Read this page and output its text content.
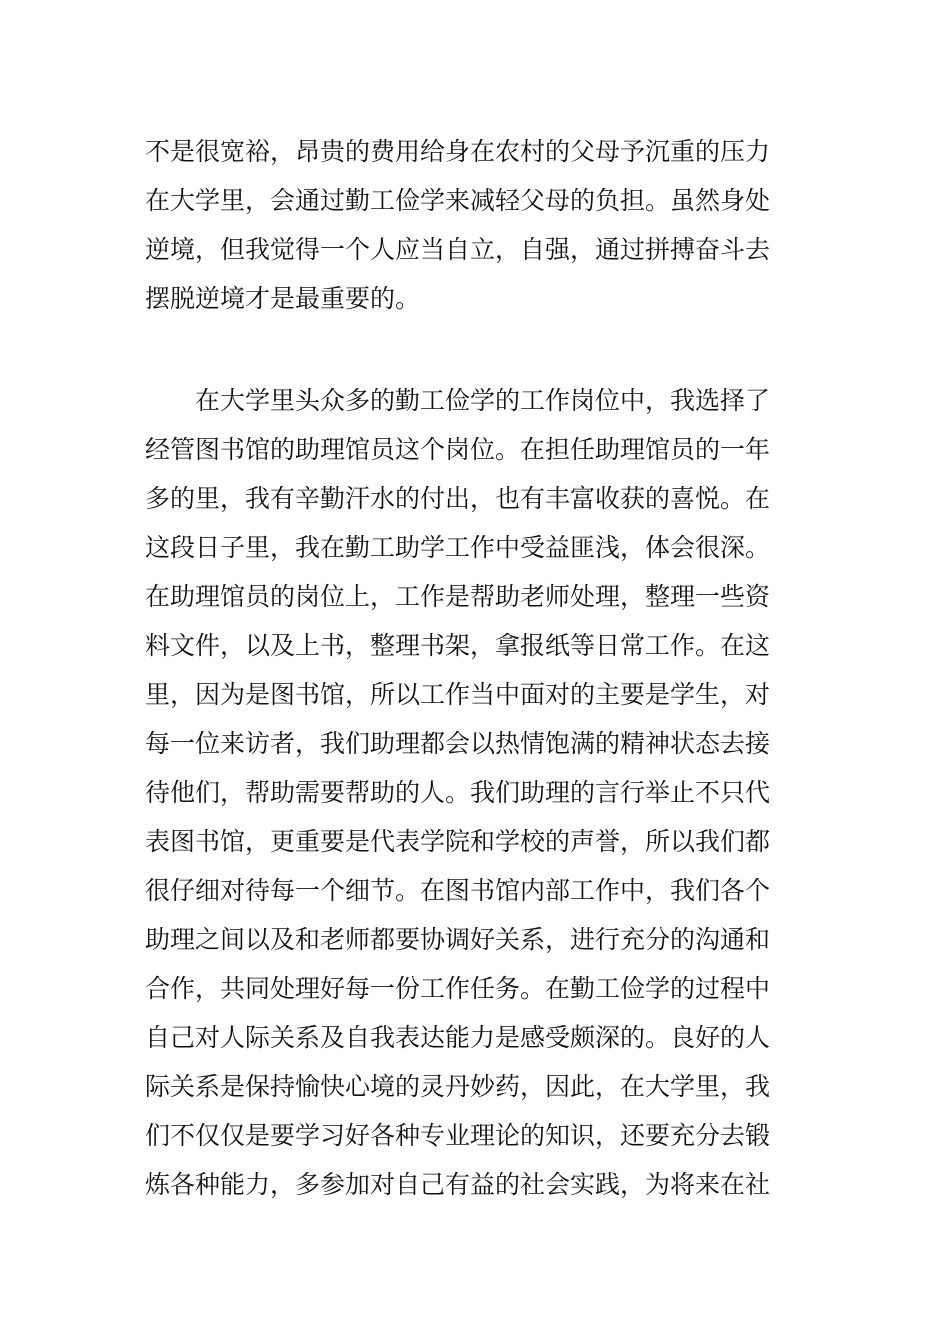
不是很宽裕，昂贵的费用给身在农村的父母予沉重的压力
在大学里，会通过勤工俭学来减轻父母的负担。虽然身处
逆境，但我觉得一个人应当自立，自强，通过拼搏奋斗去
摆脱逆境才是最重要的。
　　在大学里头众多的勤工俭学的工作岗位中，我选择了
经管图书馆的助理馆员这个岗位。在担任助理馆员的一年
多的里，我有辛勤汗水的付出，也有丰富收获的喜悦。在
这段日子里，我在勤工助学工作中受益匪浅，体会很深。
在助理馆员的岗位上，工作是帮助老师处理，整理一些资
料文件，以及上书，整理书架，拿报纸等日常工作。在这
里，因为是图书馆，所以工作当中面对的主要是学生，对
每一位来访者，我们助理都会以热情饱满的精神状态去接
待他们，帮助需要帮助的人。我们助理的言行举止不只代
表图书馆，更重要是代表学院和学校的声誉，所以我们都
很仔细对待每一个细节。在图书馆内部工作中，我们各个
助理之间以及和老师都要协调好关系，进行充分的沟通和
合作，共同处理好每一份工作任务。在勤工俭学的过程中
自己对人际关系及自我表达能力是感受颇深的。良好的人
际关系是保持愉快心境的灵丹妙药，因此，在大学里，我
们不仅仅是要学习好各种专业理论的知识，还要充分去锻
炼各种能力，多参加对自己有益的社会实践，为将来在社
